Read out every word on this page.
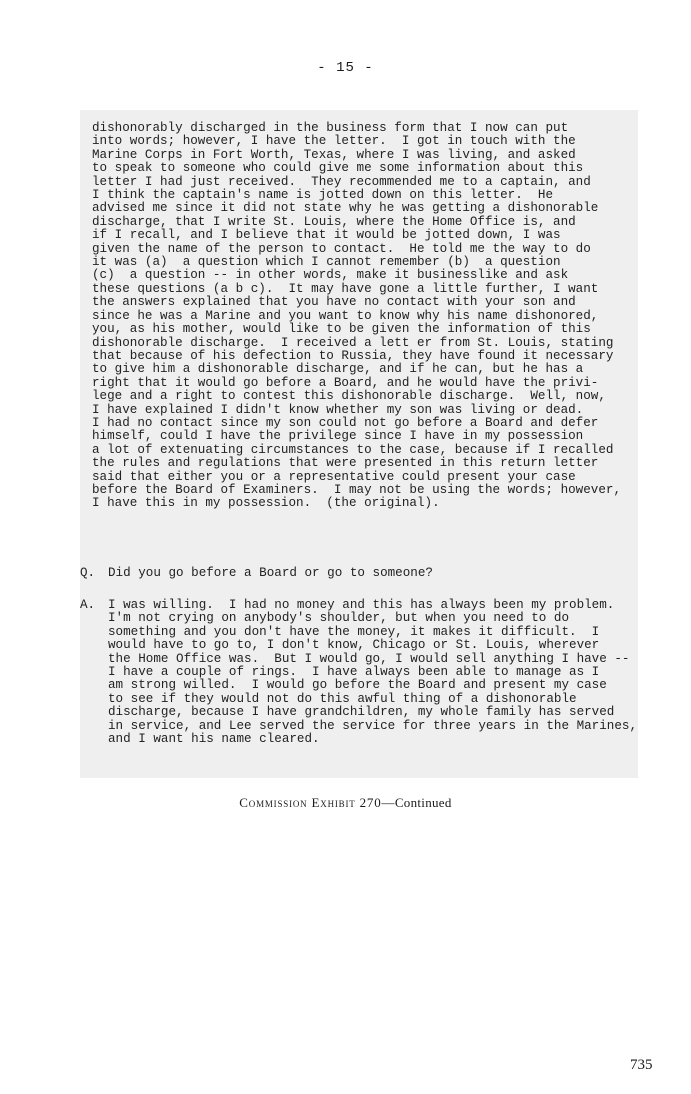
- 15 -
dishonorably discharged in the business form that I now can put
into words; however, I have the letter.  I got in touch with the
Marine Corps in Fort Worth, Texas, where I was living, and asked
to speak to someone who could give me some information about this
letter I had just received.  They recommended me to a captain, and
I think the captain's name is jotted down on this letter.  He
advised me since it did not state why he was getting a dishonorable
discharge, that I write St. Louis, where the Home Office is, and
if I recall, and I believe that it would be jotted down, I was
given the name of the person to contact.  He told me the way to do
it was (a)  a question which I cannot remember (b)  a question
(c)  a question -- in other words, make it businesslike and ask
these questions (a b c).  It may have gone a little further, I want
the answers explained that you have no contact with your son and
since he was a Marine and you want to know why his name dishonored,
you, as his mother, would like to be given the information of this
dishonorable discharge.  I received a lett er from St. Louis, stating
that because of his defection to Russia, they have found it necessary
to give him a dishonorable discharge, and if he can, but he has a
right that it would go before a Board, and he would have the privi-
lege and a right to contest this dishonorable discharge.  Well, now,
I have explained I didn't know whether my son was living or dead.
I had no contact since my son could not go before a Board and defer
himself, could I have the privilege since I have in my possession
a lot of extenuating circumstances to the case, because if I recalled
the rules and regulations that were presented in this return letter
said that either you or a representative could present your case
before the Board of Examiners.  I may not be using the words; however,
I have this in my possession.  (the original).
Q.	Did you go before a Board or go to someone?
A.	I was willing.  I had no money and this has always been my problem.
I'm not crying on anybody's shoulder, but when you need to do
something and you don't have the money, it makes it difficult.  I
would have to go to, I don't know, Chicago or St. Louis, wherever
the Home Office was.  But I would go, I would sell anything I have --
I have a couple of rings.  I have always been able to manage as I
am strong willed.  I would go before the Board and present my case
to see if they would not do this awful thing of a dishonorable
discharge, because I have grandchildren, my whole family has served
in service, and Lee served the service for three years in the Marines,
and I want his name cleared.
Commission Exhibit 270—Continued
735
